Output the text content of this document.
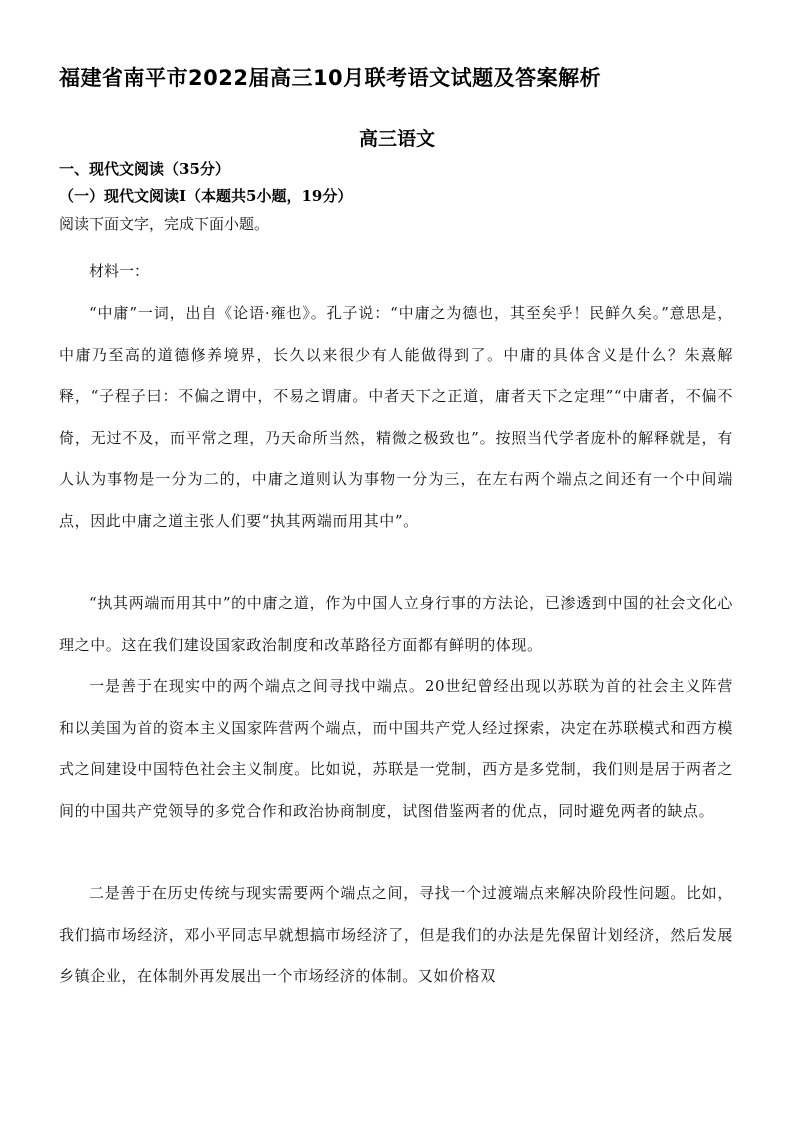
福建省南平市2022届高三10月联考语文试题及答案解析
高三语文
一、现代文阅读（35分）
（一）现代文阅读Ⅰ（本题共5小题，19分）
阅读下面文字，完成下面小题。
材料一：

“中庸”一词，出自《论语·雍也》。孔子说：“中庸之为德也，其至矣乎！民鲜久矣。”意思是，中庸乃至高的道德修养境界，长久以来很少有人能做得到了。中庸的具体含义是什么？朱熹解释，“子程子曰：不偏之谓中，不易之谓庸。中者天下之正道，庸者天下之定理”“中庸者，不偏不倚，无过不及，而平常之理，乃天命所当然，精微之极致也”。按照当代学者庞朴的解释就是，有人认为事物是一分为二的，中庸之道则认为事物一分为三，在左右两个端点之间还有一个中间端点，因此中庸之道主张人们要“执其两端而用其中”。

“执其两端而用其中”的中庸之道，作为中国人立身行事的方法论，已渗透到中国的社会文化心理之中。这在我们建设国家政治制度和改革路径方面都有鲜明的体现。

一是善于在现实中的两个端点之间寻找中端点。20世纪曾经出现以苏联为首的社会主义阵营和以美国为首的资本主义国家阵营两个端点，而中国共产党人经过探索，决定在苏联模式和西方模式之间建设中国特色社会主义制度。比如说，苏联是一党制，西方是多党制，我们则是居于两者之间的中国共产党领导的多党合作和政治协商制度，试图借鉴两者的优点，同时避免两者的缺点。

二是善于在历史传统与现实需要两个端点之间，寻找一个过渡端点来解决阶段性问题。比如，我们搞市场经济，邓小平同志早就想搞市场经济了，但是我们的办法是先保留计划经济，然后发展乡镇企业，在体制外再发展出一个市场经济的体制。又如价格双
